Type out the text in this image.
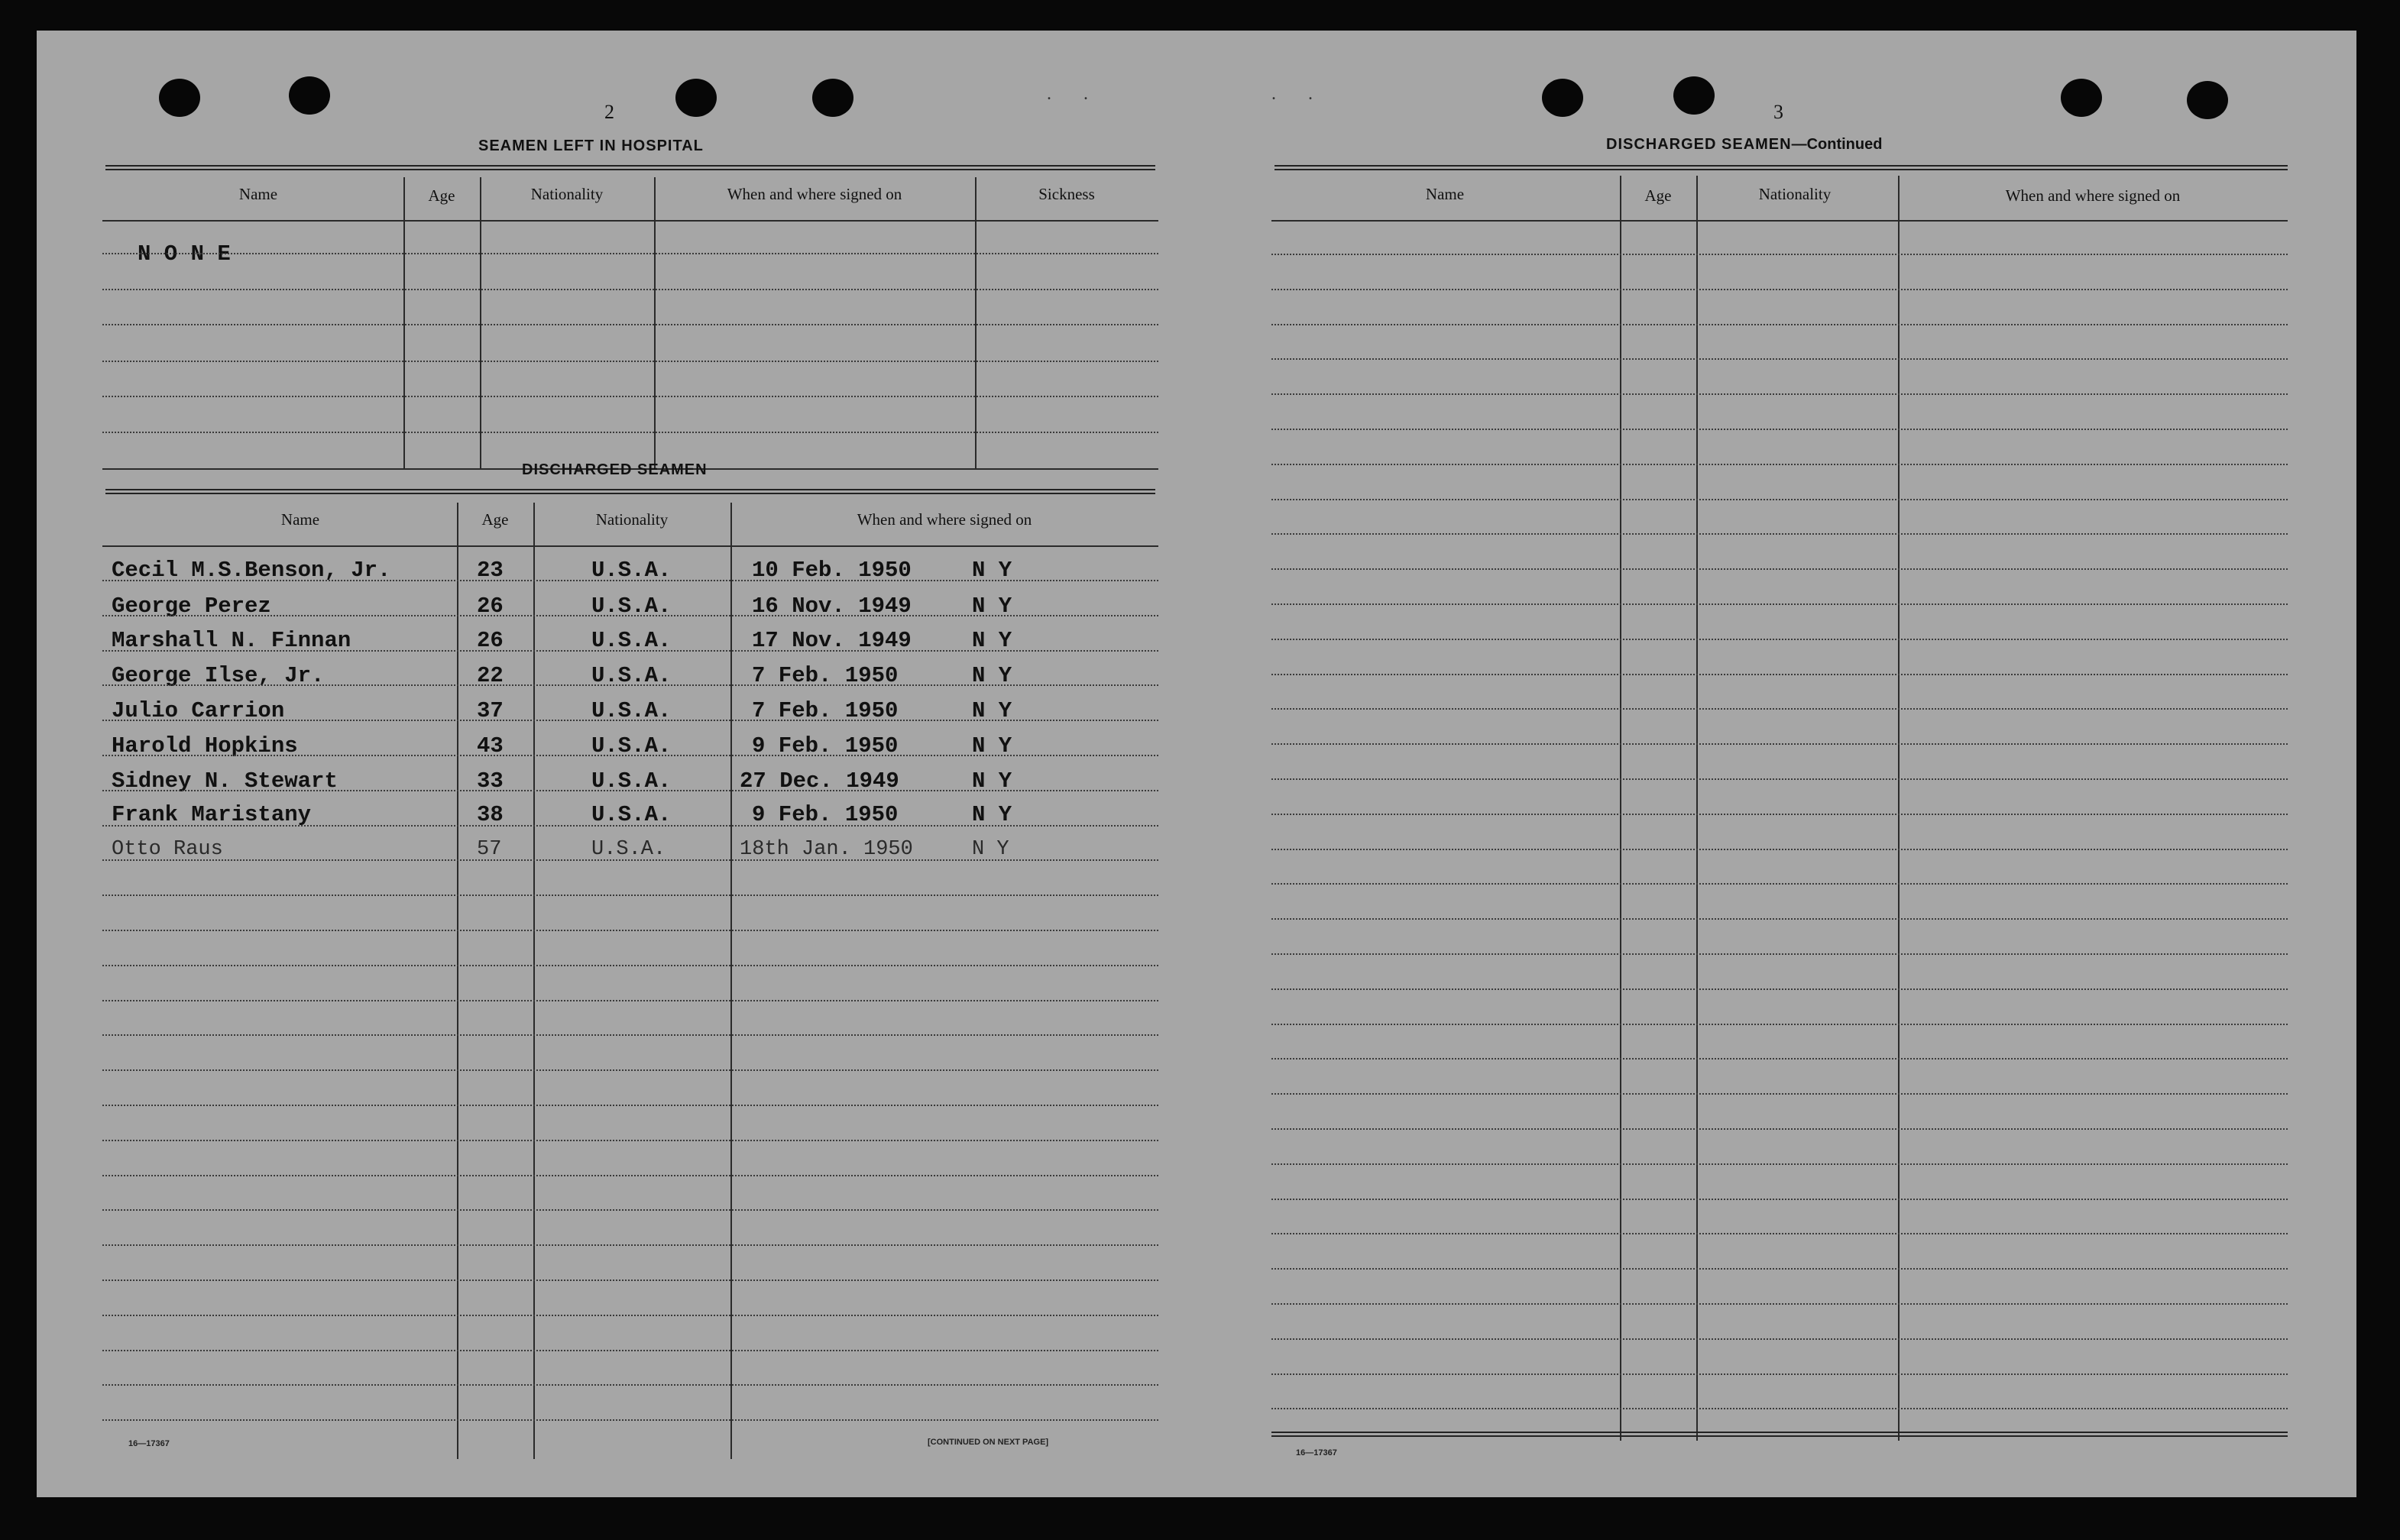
2
.       .
SEAMEN LEFT IN HOSPITAL
Name	Age	Nationality	When and where signed on	Sickness
N O N E
DISCHARGED SEAMEN
Name	Age	Nationality	When and where signed on
Cecil M.S.Benson, Jr.	23	U.S.A.	10 Feb. 1950	N Y
George Perez	26	U.S.A.	16 Nov. 1949	N Y
Marshall N. Finnan	26	U.S.A.	17 Nov. 1949	N Y
George Ilse, Jr.	22	U.S.A.	7 Feb. 1950	N Y
Julio Carrion	37	U.S.A.	7 Feb. 1950	N Y
Harold Hopkins	43	U.S.A.	9 Feb. 1950	N Y
Sidney N. Stewart	33	U.S.A.	27 Dec. 1949	N Y
Frank Maristany	38	U.S.A.	9 Feb. 1950	N Y
Otto Raus	57	U.S.A.	18th Jan. 1950	N Y
16—17367	[CONTINUED ON NEXT PAGE]
3
.       .
DISCHARGED SEAMEN—Continued
Name	Age	Nationality	When and where signed on
16—17367
